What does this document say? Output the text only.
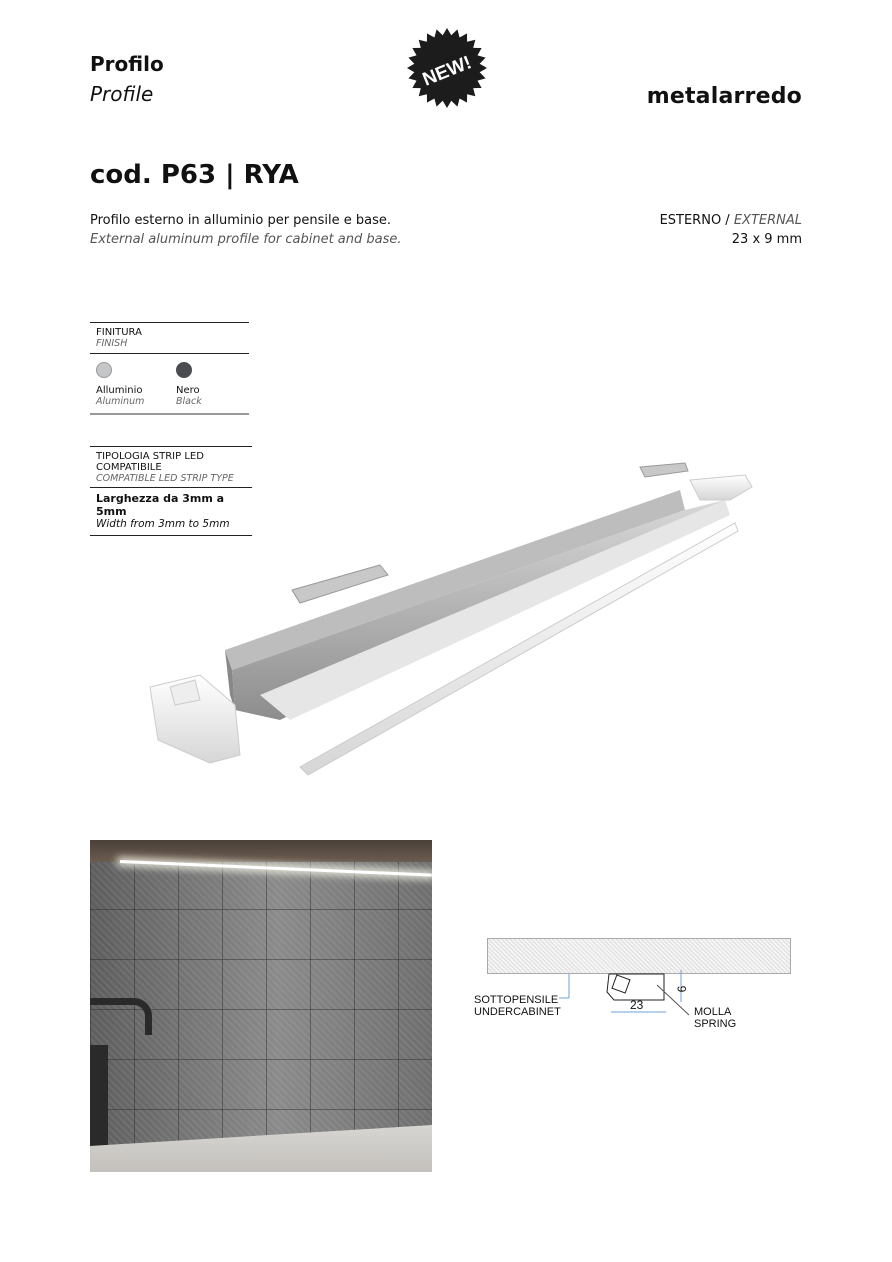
Profilo
Profile
NEW!
metalarredo
cod. P63 | RYA
Profilo esterno in alluminio per pensile e base.
External aluminum profile for cabinet and base.
ESTERNO / EXTERNAL
23 x 9 mm
FINITURA
FINISH
Alluminio
Aluminum
Nero
Black
TIPOLOGIA STRIP LED
COMPATIBILE
COMPATIBLE LED STRIP TYPE
Larghezza da 3mm a 5mm
Width from 3mm to 5mm
SOTTOPENSILE
UNDERCABINET	23
9
MOLLA
SPRING
